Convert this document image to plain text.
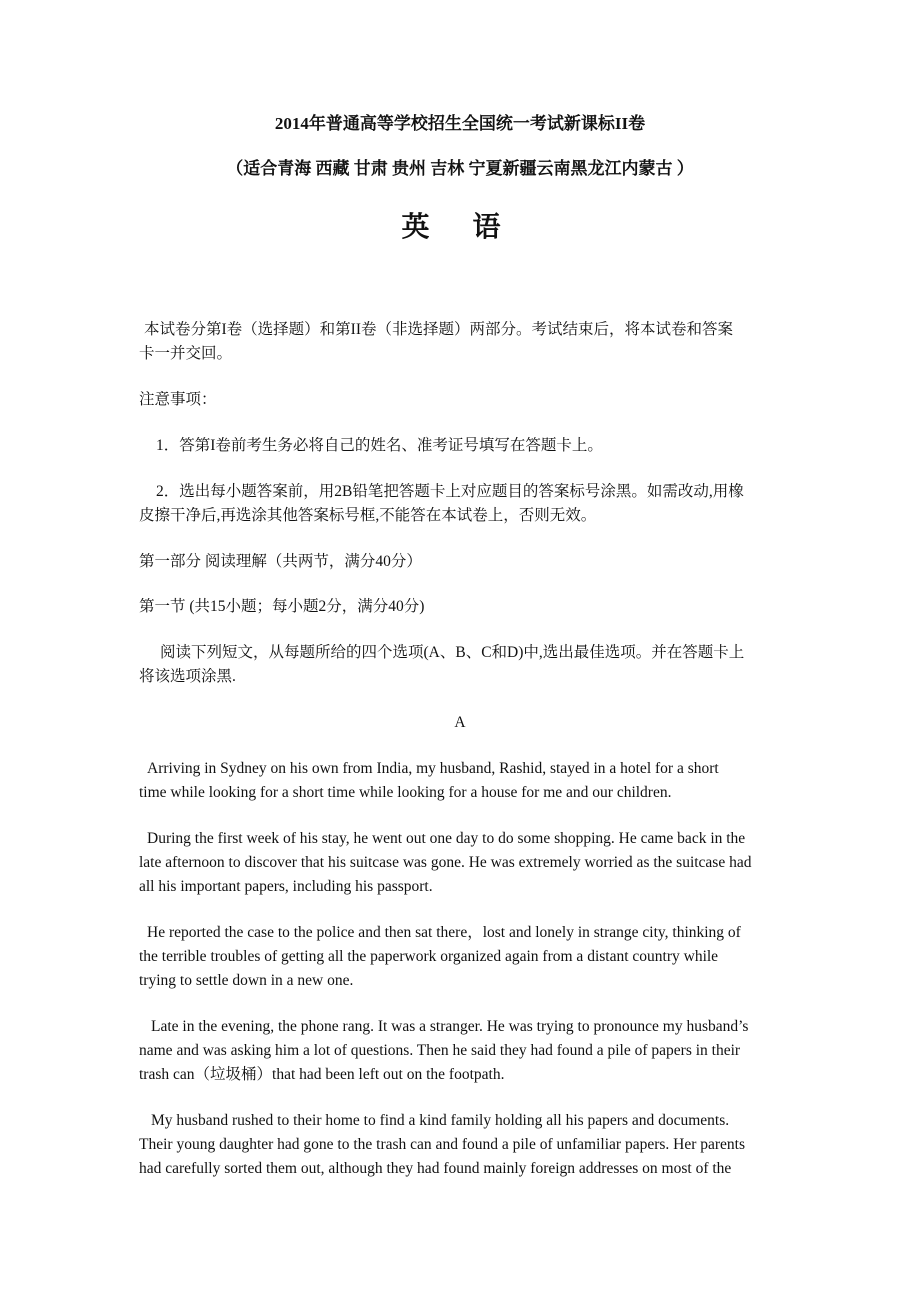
2014年普通高等学校招生全国统一考试新课标II卷
（适合青海 西藏 甘肃 贵州 吉林 宁夏新疆云南黑龙江内蒙古 ）
英 语
本试卷分第I卷（选择题）和第II卷（非选择题）两部分。考试结束后，将本试卷和答案
卡一并交回。
注意事项：
1．答第I卷前考生务必将自己的姓名、准考证号填写在答题卡上。
2．选出每小题答案前，用2B铅笔把答题卡上对应题目的答案标号涂黑。如需改动,用橡
皮擦干净后,再选涂其他答案标号框,不能答在本试卷上，否则无效。
第一部分 阅读理解（共两节，满分40分）
第一节 (共15小题；每小题2分，满分40分)
阅读下列短文，从每题所给的四个选项(A、B、C和D)中,选出最佳选项。并在答题卡上
将该选项涂黑.
A
Arriving in Sydney on his own from India, my husband, Rashid, stayed in a hotel for a short
time while looking for a short time while looking for a house for me and our children.
During the first week of his stay, he went out one day to do some shopping. He came back in the
late afternoon to discover that his suitcase was gone. He was extremely worried as the suitcase had
all his important papers, including his passport.
He reported the case to the police and then sat there，lost and lonely in strange city, thinking of
the terrible troubles of getting all the paperwork organized again from a distant country while
trying to settle down in a new one.
Late in the evening, the phone rang. It was a stranger. He was trying to pronounce my husband’s
name and was asking him a lot of questions. Then he said they had found a pile of papers in their
trash can（垃圾桶）that had been left out on the footpath.
My husband rushed to their home to find a kind family holding all his papers and documents.
Their young daughter had gone to the trash can and found a pile of unfamiliar papers. Her parents
had carefully sorted them out, although they had found mainly foreign addresses on most of the
